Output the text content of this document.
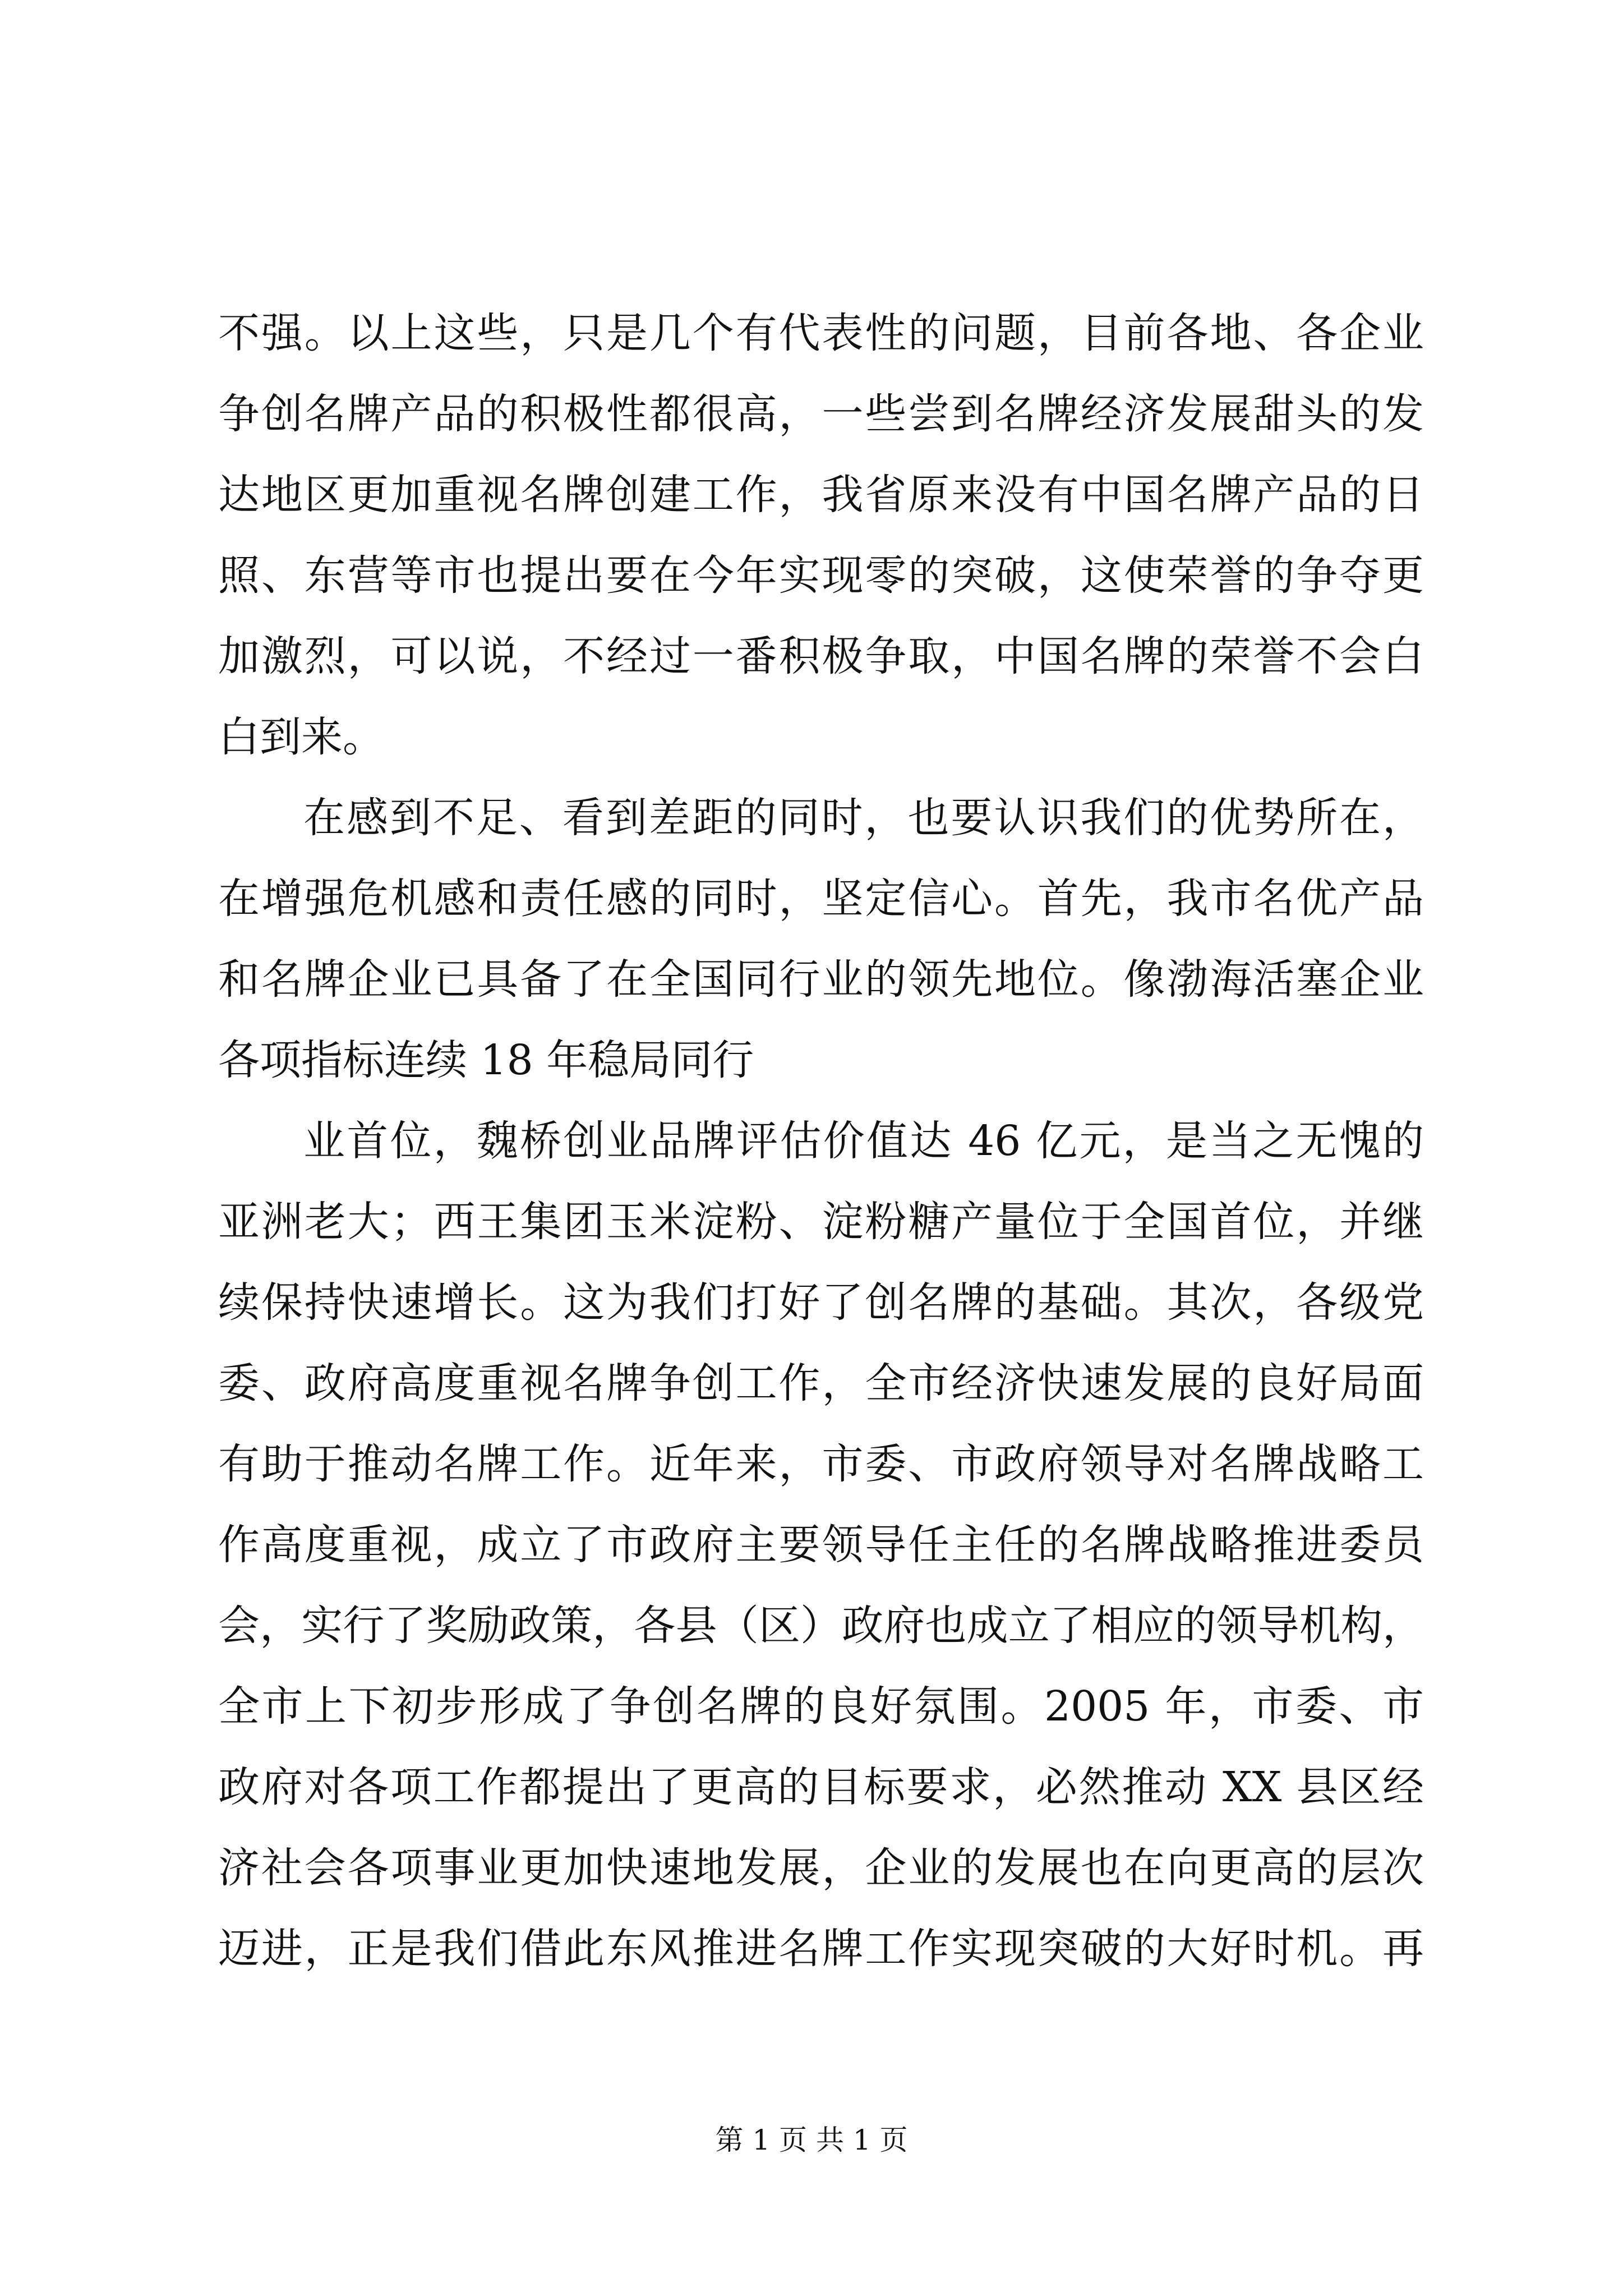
不强。以上这些，只是几个有代表性的问题，目前各地、各企业
争创名牌产品的积极性都很高，一些尝到名牌经济发展甜头的发
达地区更加重视名牌创建工作，我省原来没有中国名牌产品的日
照、东营等市也提出要在今年实现零的突破，这使荣誉的争夺更
加激烈，可以说，不经过一番积极争取，中国名牌的荣誉不会白
白到来。
在感到不足、看到差距的同时，也要认识我们的优势所在，
在增强危机感和责任感的同时，坚定信心。首先，我市名优产品
和名牌企业已具备了在全国同行业的领先地位。像渤海活塞企业
各项指标连续 18 年稳局同行
业首位，魏桥创业品牌评估价值达 46 亿元，是当之无愧的
亚洲老大；西王集团玉米淀粉、淀粉糖产量位于全国首位，并继
续保持快速增长。这为我们打好了创名牌的基础。其次，各级党
委、政府高度重视名牌争创工作，全市经济快速发展的良好局面
有助于推动名牌工作。近年来，市委、市政府领导对名牌战略工
作高度重视，成立了市政府主要领导任主任的名牌战略推进委员
会，实行了奖励政策，各县（区）政府也成立了相应的领导机构，
全市上下初步形成了争创名牌的良好氛围。2005 年，市委、市
政府对各项工作都提出了更高的目标要求，必然推动 XX 县区经
济社会各项事业更加快速地发展，企业的发展也在向更高的层次
迈进，正是我们借此东风推进名牌工作实现突破的大好时机。再
第 1 页 共 1 页
